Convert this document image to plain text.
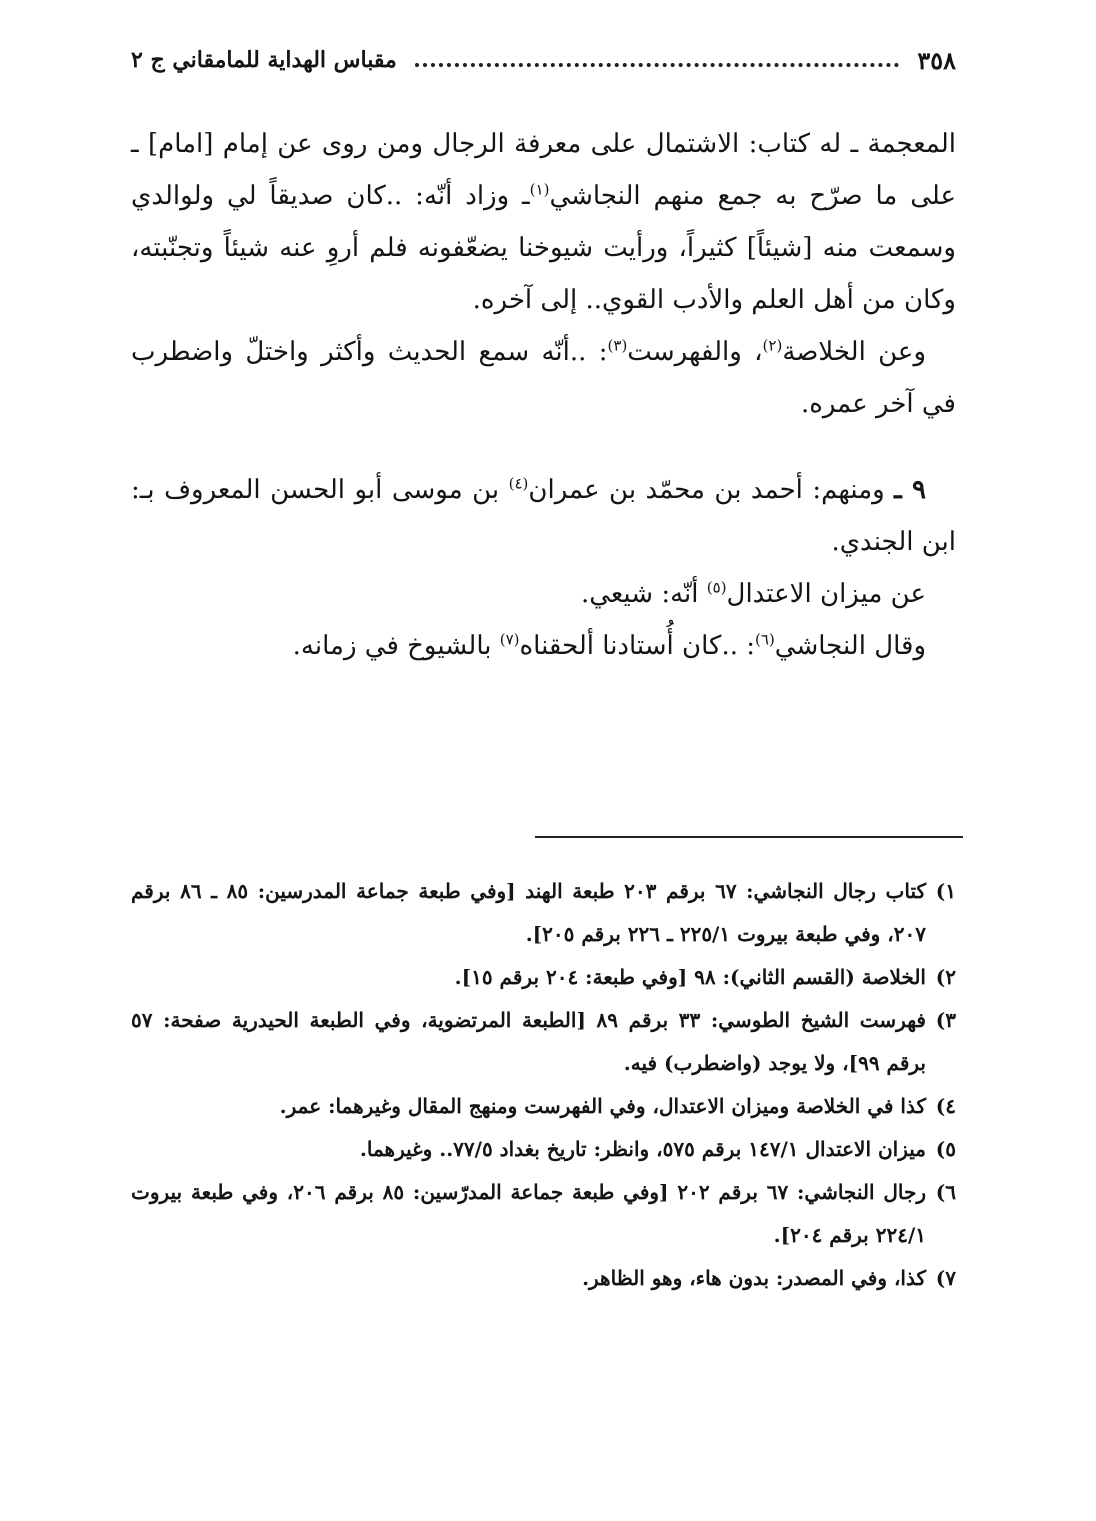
٣٥٨
مقباس الهداية للمامقاني ج ٢

المعجمة ـ له كتاب: الاشتمال على معرفة الرجال ومن روى عن إمام [امام] ـ على ما صرّح به جمع منهم النجاشي$^{(١)}$ـ وزاد أنّه: ..كان صديقاً لي ولوالدي وسمعت منه [شيئاً] كثيراً، ورأيت شيوخنا يضعّفونه فلم أروِ عنه شيئاً وتجنّبته، وكان من أهل العلم والأدب القوي.. إلى آخره.

وعن الخلاصة$^{(٢)}$، والفهرست$^{(٣)}$: ..أنّه سمع الحديث وأكثر واختلّ واضطرب في آخر عمره.

٩ ـ ومنهم: أحمد بن محمّد بن عمران$^{(٤)}$ بن موسى أبو الحسن المعروف بـ: ابن الجندي.

عن ميزان الاعتدال$^{(٥)}$ أنّه: شيعي.

وقال النجاشي$^{(٦)}$: ..كان أُستادنا ألحقناه$^{(٧)}$ بالشيوخ في زمانه.

١)
كتاب رجال النجاشي: ٦٧ برقم ٢٠٣ طبعة الهند [وفي طبعة جماعة المدرسين: ٨٥ ـ ٨٦ برقم ٢٠٧، وفي طبعة بيروت ٢٢٥/١ ـ ٢٢٦ برقم ٢٠٥].
٢)
الخلاصة (القسم الثاني): ٩٨ [وفي طبعة: ٢٠٤ برقم ١٥].
٣)
فهرست الشيخ الطوسي: ٣٣ برقم ٨٩ [الطبعة المرتضوية، وفي الطبعة الحيدرية صفحة: ٥٧ برقم ٩٩]، ولا يوجد (واضطرب) فيه.
٤)
كذا في الخلاصة وميزان الاعتدال، وفي الفهرست ومنهج المقال وغيرهما: عمر.
٥)
ميزان الاعتدال ١٤٧/١ برقم ٥٧٥، وانظر: تاريخ بغداد ٧٧/٥.. وغيرهما.
٦)
رجال النجاشي: ٦٧ برقم ٢٠٢ [وفي طبعة جماعة المدرّسين: ٨٥ برقم ٢٠٦، وفي طبعة بيروت ٢٢٤/١ برقم ٢٠٤].
٧)
كذا، وفي المصدر: بدون هاء، وهو الظاهر.
